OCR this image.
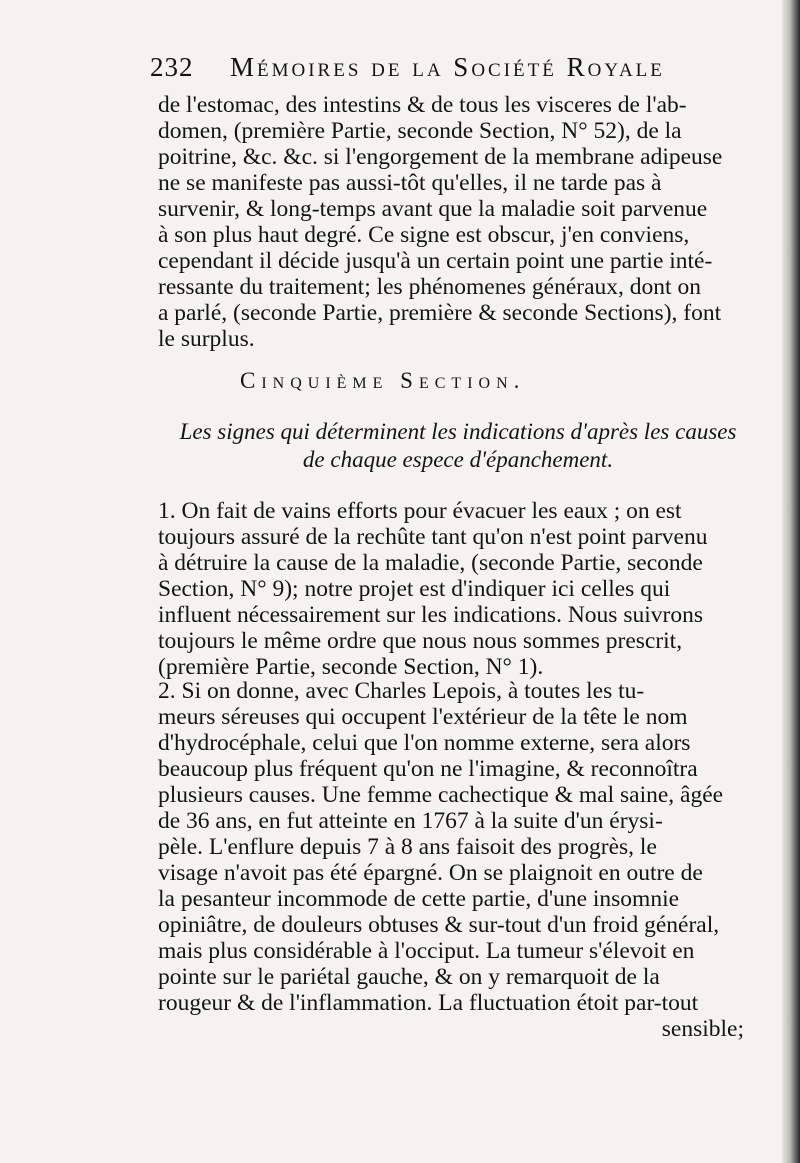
232 Mémoires de la Société Royale
de l'estomac, des intestins & de tous les visceres de l'ab-
domen, (première Partie, seconde Section, N° 52), de la
poitrine, &c. &c. si l'engorgement de la membrane adipeuse
ne se manifeste pas aussi-tôt qu'elles, il ne tarde pas à
survenir, & long-temps avant que la maladie soit parvenue
à son plus haut degré. Ce signe est obscur, j'en conviens,
cependant il décide jusqu'à un certain point une partie inté-
ressante du traitement; les phénomenes généraux, dont on
a parlé, (seconde Partie, première & seconde Sections), font
le surplus.
Cinquième Section.
Les signes qui déterminent les indications d'après les causes
de chaque espece d'épanchement.
1. On fait de vains efforts pour évacuer les eaux ; on est
toujours assuré de la rechûte tant qu'on n'est point parvenu
à détruire la cause de la maladie, (seconde Partie, seconde
Section, N° 9); notre projet est d'indiquer ici celles qui
influent nécessairement sur les indications. Nous suivrons
toujours le même ordre que nous nous sommes prescrit,
(première Partie, seconde Section, N° 1).
2. Si on donne, avec Charles Lepois, à toutes les tu-
meurs séreuses qui occupent l'extérieur de la tête le nom
d'hydrocéphale, celui que l'on nomme externe, sera alors
beaucoup plus fréquent qu'on ne l'imagine, & reconnoîtra
plusieurs causes. Une femme cachectique & mal saine, âgée
de 36 ans, en fut atteinte en 1767 à la suite d'un érysi-
pèle. L'enflure depuis 7 à 8 ans faisoit des progrès, le
visage n'avoit pas été épargné. On se plaignoit en outre de
la pesanteur incommode de cette partie, d'une insomnie
opiniâtre, de douleurs obtuses & sur-tout d'un froid général,
mais plus considérable à l'occiput. La tumeur s'élevoit en
pointe sur le pariétal gauche, & on y remarquoit de la
rougeur & de l'inflammation. La fluctuation étoit par-tout
sensible;
